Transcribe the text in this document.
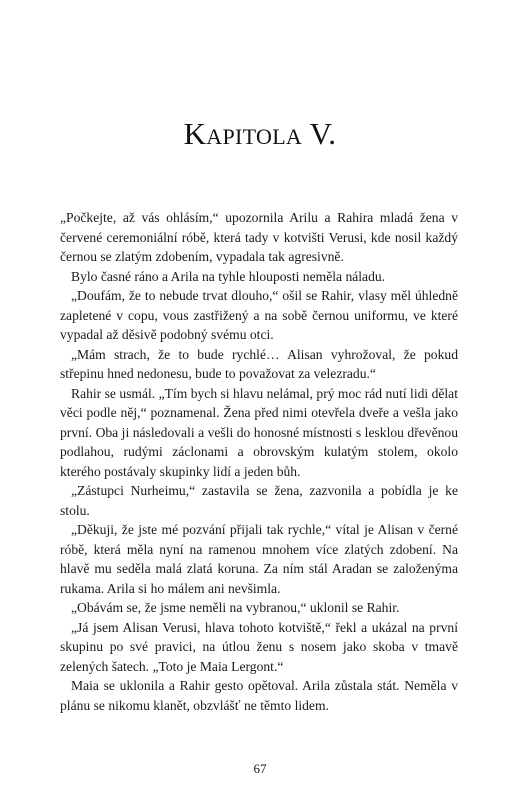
Kapitola V.

„Počkejte, až vás ohlásím,“ upozornila Arilu a Rahira mladá žena v červené ceremoniální róbě, která tady v kotvišti Verusi, kde nosil každý černou se zlatým zdobením, vypadala tak agresivně.

Bylo časné ráno a Arila na tyhle hlouposti neměla náladu.

„Doufám, že to nebude trvat dlouho,“ ošil se Rahir, vlasy měl úhledně zapletené v copu, vous zastřižený a na sobě černou uniformu, ve které vypadal až děsivě podobný svému otci.

„Mám strach, že to bude rychlé… Alisan vyhrožoval, že pokud střepinu hned nedonesu, bude to považovat za velezradu.“

Rahir se usmál. „Tím bych si hlavu nelámal, prý moc rád nutí lidi dělat věci podle něj,“ poznamenal. Žena před nimi otevřela dveře a vešla jako první. Oba ji následovali a vešli do honosné místnosti s lesklou dřevěnou podlahou, rudými záclonami a obrovským kulatým stolem, okolo kterého postávaly skupinky lidí a jeden bůh.

„Zástupci Nurheimu,“ zastavila se žena, zazvonila a pobídla je ke stolu.

„Děkuji, že jste mé pozvání přijali tak rychle,“ vítal je Alisan v černé róbě, která měla nyní na ramenou mnohem více zlatých zdobení. Na hlavě mu seděla malá zlatá koruna. Za ním stál Aradan se založenýma rukama. Arila si ho málem ani nevšimla.

„Obávám se, že jsme neměli na vybranou,“ uklonil se Rahir.

„Já jsem Alisan Verusi, hlava tohoto kotviště,“ řekl a ukázal na první skupinu po své pravici, na útlou ženu s nosem jako skoba v tmavě zelených šatech. „Toto je Maia Lergont.“

Maia se uklonila a Rahir gesto opětoval. Arila zůstala stát. Neměla v plánu se nikomu klanět, obzvlášť ne těmto lidem.

67
